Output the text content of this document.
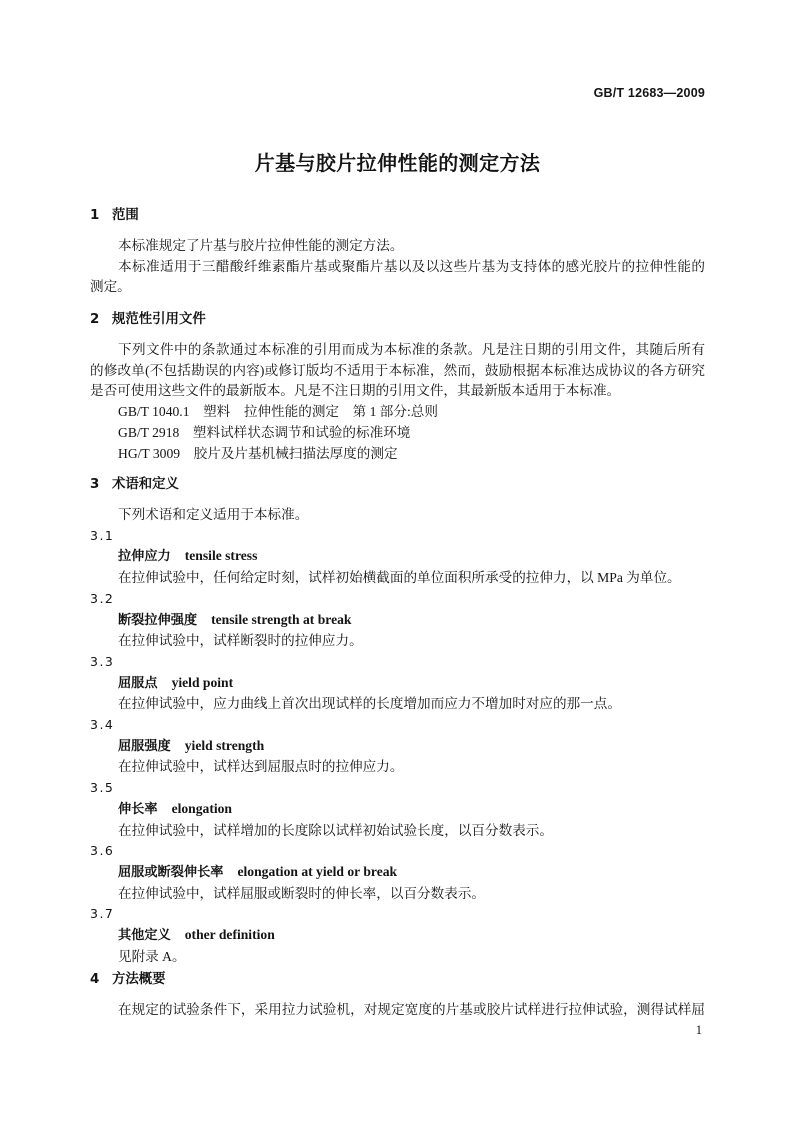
GB/T 12683—2009
片基与胶片拉伸性能的测定方法
1 范围

本标准规定了片基与胶片拉伸性能的测定方法。

本标准适用于三醋酸纤维素酯片基或聚酯片基以及以这些片基为支持体的感光胶片的拉伸性能的

测定。

2 规范性引用文件

下列文件中的条款通过本标准的引用而成为本标准的条款。凡是注日期的引用文件，其随后所有

的修改单(不包括勘误的内容)或修订版均不适用于本标准，然而，鼓励根据本标准达成协议的各方研究

是否可使用这些文件的最新版本。凡是不注日期的引用文件，其最新版本适用于本标准。

GB/T 1040.1 塑料　拉伸性能的测定　第 1 部分:总则
GB/T 2918 塑料试样状态调节和试验的标准环境
HG/T 3009 胶片及片基机械扫描法厚度的测定
3 术语和定义

下列术语和定义适用于本标准。

3.1
拉伸应力 tensile stress
在拉伸试验中，任何给定时刻，试样初始横截面的单位面积所承受的拉伸力，以 MPa 为单位。
3.2
断裂拉伸强度 tensile strength at break
在拉伸试验中，试样断裂时的拉伸应力。
3.3
屈服点 yield point
在拉伸试验中，应力曲线上首次出现试样的长度增加而应力不增加时对应的那一点。
3.4
屈服强度 yield strength
在拉伸试验中，试样达到屈服点时的拉伸应力。
3.5
伸长率 elongation
在拉伸试验中，试样增加的长度除以试样初始试验长度，以百分数表示。
3.6
屈服或断裂伸长率 elongation at yield or break
在拉伸试验中，试样屈服或断裂时的伸长率，以百分数表示。
3.7
其他定义 other definition
见附录 A。
4 方法概要

在规定的试验条件下，采用拉力试验机，对规定宽度的片基或胶片试样进行拉伸试验，测得试样屈

1
